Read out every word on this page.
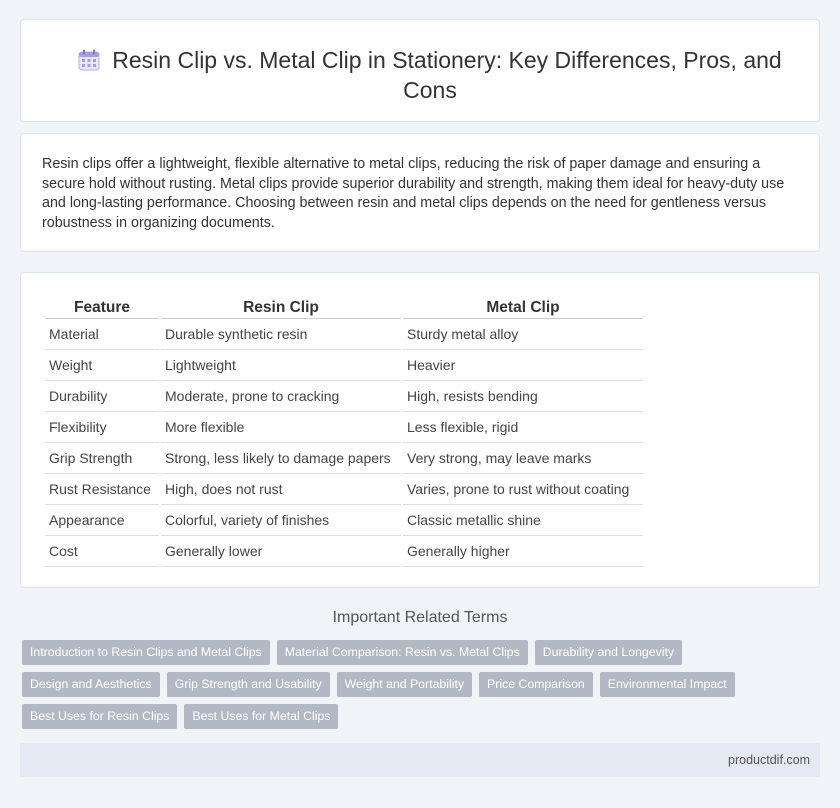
Resin Clip vs. Metal Clip in Stationery: Key Differences, Pros, and Cons

Resin clips offer a lightweight, flexible alternative to metal clips, reducing the risk of paper damage and ensuring a secure hold without rusting. Metal clips provide superior durability and strength, making them ideal for heavy-duty use and long-lasting performance. Choosing between resin and metal clips depends on the need for gentleness versus robustness in organizing documents.

Feature	Resin Clip	Metal Clip
Material	Durable synthetic resin	Sturdy metal alloy
Weight	Lightweight	Heavier
Durability	Moderate, prone to cracking	High, resists bending
Flexibility	More flexible	Less flexible, rigid
Grip Strength	Strong, less likely to damage papers	Very strong, may leave marks
Rust Resistance	High, does not rust	Varies, prone to rust without coating
Appearance	Colorful, variety of finishes	Classic metallic shine
Cost	Generally lower	Generally higher
Important Related Terms
Introduction to Resin Clips and Metal Clips	Material Comparison: Resin vs. Metal Clips	Durability and Longevity
Design and Aesthetics	Grip Strength and Usability	Weight and Portability	Price Comparison	Environmental Impact
Best Uses for Resin Clips	Best Uses for Metal Clips
productdif.com
